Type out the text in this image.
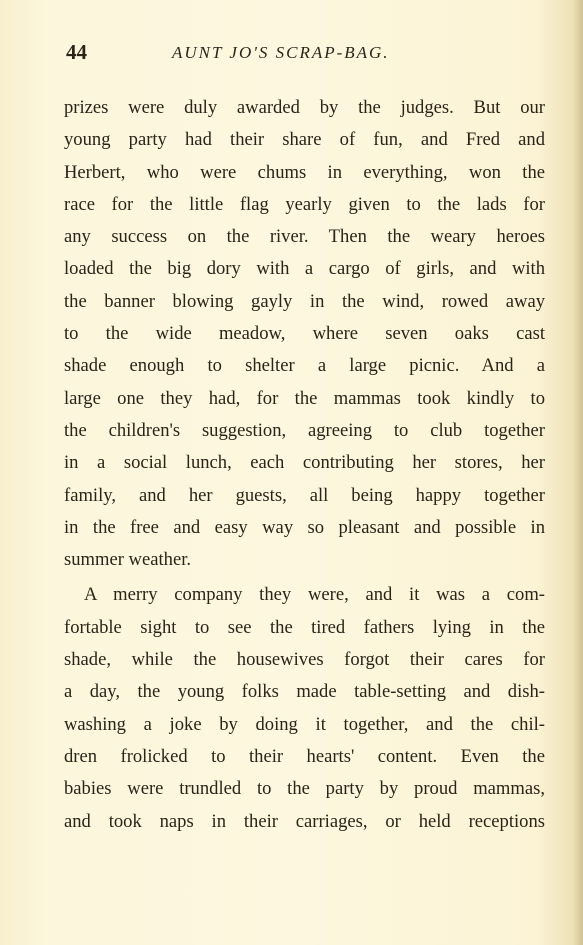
44	AUNT JO'S SCRAP-BAG.

prizes were duly awarded by the judges. But our
young party had their share of fun, and Fred and
Herbert, who were chums in everything, won the
race for the little flag yearly given to the lads for
any success on the river. Then the weary heroes
loaded the big dory with a cargo of girls, and with
the banner blowing gayly in the wind, rowed away
to the wide meadow, where seven oaks cast
shade enough to shelter a large picnic. And a
large one they had, for the mammas took kindly to
the children's suggestion, agreeing to club together
in a social lunch, each contributing her stores, her
family, and her guests, all being happy together
in the free and easy way so pleasant and possible in
summer weather.

A merry company they were, and it was a com-
fortable sight to see the tired fathers lying in the
shade, while the housewives forgot their cares for
a day, the young folks made table-setting and dish-
washing a joke by doing it together, and the chil-
dren frolicked to their hearts' content. Even the
babies were trundled to the party by proud mammas,
and took naps in their carriages, or held receptions
